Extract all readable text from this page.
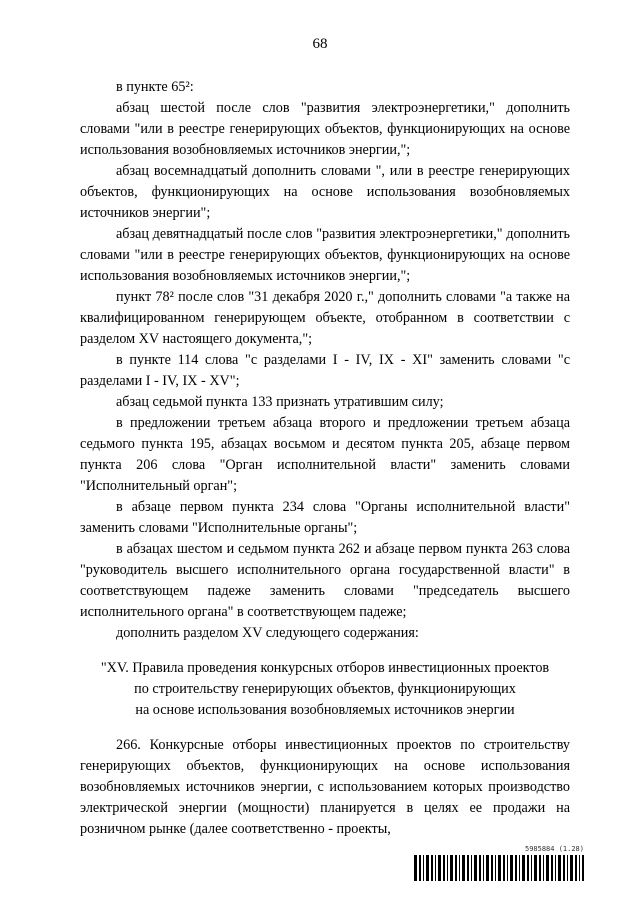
68

в пункте 65²:

абзац шестой после слов "развития электроэнергетики," дополнить словами "или в реестре генерирующих объектов, функционирующих на основе использования возобновляемых источников энергии,";

абзац восемнадцатый дополнить словами ", или в реестре генерирующих объектов, функционирующих на основе использования возобновляемых источников энергии";

абзац девятнадцатый после слов "развития электроэнергетики," дополнить словами "или в реестре генерирующих объектов, функционирующих на основе использования возобновляемых источников энергии,";

пункт 78² после слов "31 декабря 2020 г.," дополнить словами "а также на квалифицированном генерирующем объекте, отобранном в соответствии с разделом XV настоящего документа,";

в пункте 114 слова "с разделами I - IV, IX - XI" заменить словами "с разделами I - IV, IX - XV";

абзац седьмой пункта 133 признать утратившим силу;

в предложении третьем абзаца второго и предложении третьем абзаца седьмого пункта 195, абзацах восьмом и десятом пункта 205, абзаце первом пункта 206 слова "Орган исполнительной власти" заменить словами "Исполнительный орган";

в абзаце первом пункта 234 слова "Органы исполнительной власти" заменить словами "Исполнительные органы";

в абзацах шестом и седьмом пункта 262 и абзаце первом пункта 263 слова "руководитель высшего исполнительного органа государственной власти" в соответствующем падеже заменить словами "председатель высшего исполнительного органа" в соответствующем падеже;

дополнить разделом XV следующего содержания:

"XV. Правила проведения конкурсных отборов инвестиционных проектов
по строительству генерирующих объектов, функционирующих
на основе использования возобновляемых источников энергии

266. Конкурсные отборы инвестиционных проектов по строительству генерирующих объектов, функционирующих на основе использования возобновляемых источников энергии, с использованием которых производство электрической энергии (мощности) планируется в целях ее продажи на розничном рынке (далее соответственно - проекты,

5985884 (1.28)
